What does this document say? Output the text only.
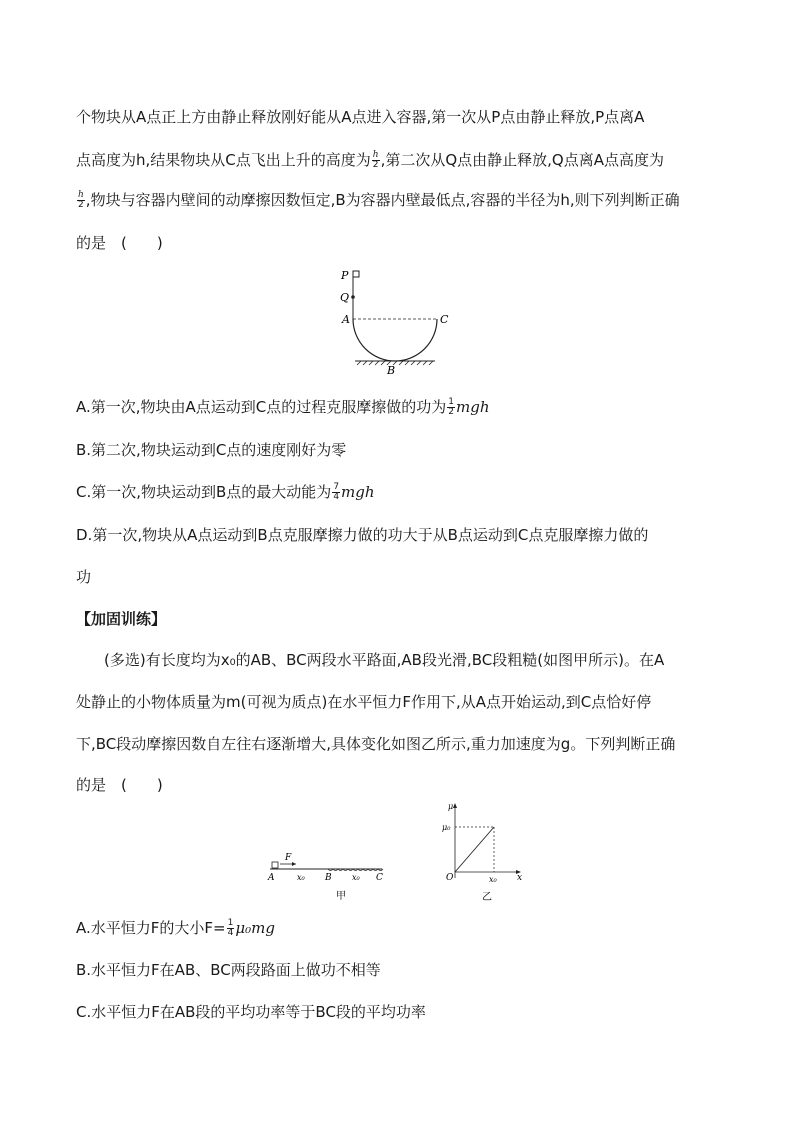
个物块从A点正上方由静止释放刚好能从A点进入容器,第一次从P点由静止释放,P点离A
点高度为h,结果物块从C点飞出上升的高度为 $\frac{h}{2}$ ,第二次从Q点由静止释放,Q点离A点高度为
$\frac{h}{2}$ ,物块与容器内壁间的动摩擦因数恒定,B为容器内壁最低点,容器的半径为h,则下列判断正确
的是　(　　)
P
Q
A	C
B
A.第一次,物块由A点运动到C点的过程克服摩擦做的功为 $\frac{1}{2}$ mgh
B.第二次,物块运动到C点的速度刚好为零
C.第一次,物块运动到B点的最大动能为 $\frac{7}{4}$ mgh
D.第一次,物块从A点运动到B点克服摩擦力做的功大于从B点运动到C点克服摩擦力做的
功
【加固训练】
(多选)有长度均为x₀的AB、BC两段水平路面,AB段光滑,BC段粗糙(如图甲所示)。在A
处静止的小物体质量为m(可视为质点)在水平恒力F作用下,从A点开始运动,到C点恰好停
下,BC段动摩擦因数自左往右逐渐增大,具体变化如图乙所示,重力加速度为g。下列判断正确
的是　(　　)
F
A	x₀ B	x₀ C
甲
μ
μ₀
O	x₀ x
乙
A.水平恒力F的大小$F= \frac{1}{4} \mu_0mg$
B.水平恒力F在AB、BC两段路面上做功不相等
C.水平恒力F在AB段的平均功率等于BC段的平均功率
